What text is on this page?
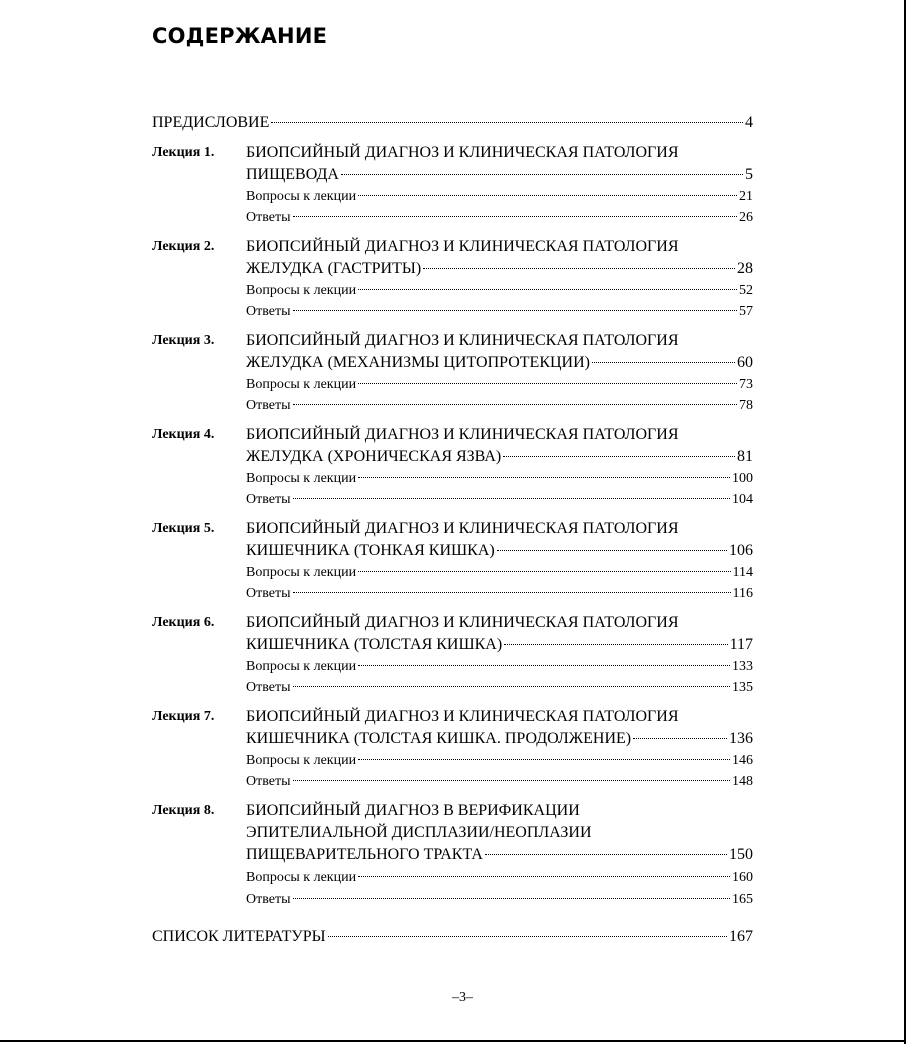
СОДЕРЖАНИЕ
ПРЕДИСЛОВИЕ	4
Лекция 1. БИОПСИЙНЫЙ ДИАГНОЗ И КЛИНИЧЕСКАЯ ПАТОЛОГИЯ
ПИЩЕВОДА	5
Вопросы к лекции	21
Ответы	26
Лекция 2. БИОПСИЙНЫЙ ДИАГНОЗ И КЛИНИЧЕСКАЯ ПАТОЛОГИЯ
ЖЕЛУДКА (ГАСТРИТЫ)	28
Вопросы к лекции	52
Ответы	57
Лекция 3. БИОПСИЙНЫЙ ДИАГНОЗ И КЛИНИЧЕСКАЯ ПАТОЛОГИЯ
ЖЕЛУДКА (МЕХАНИЗМЫ ЦИТОПРОТЕКЦИИ)	60
Вопросы к лекции	73
Ответы	78
Лекция 4. БИОПСИЙНЫЙ ДИАГНОЗ И КЛИНИЧЕСКАЯ ПАТОЛОГИЯ
ЖЕЛУДКА (ХРОНИЧЕСКАЯ ЯЗВА)	81
Вопросы к лекции	100
Ответы	104
Лекция 5. БИОПСИЙНЫЙ ДИАГНОЗ И КЛИНИЧЕСКАЯ ПАТОЛОГИЯ
КИШЕЧНИКА (ТОНКАЯ КИШКА)	106
Вопросы к лекции	114
Ответы	116
Лекция 6. БИОПСИЙНЫЙ ДИАГНОЗ И КЛИНИЧЕСКАЯ ПАТОЛОГИЯ
КИШЕЧНИКА (ТОЛСТАЯ КИШКА)	117
Вопросы к лекции	133
Ответы	135
Лекция 7. БИОПСИЙНЫЙ ДИАГНОЗ И КЛИНИЧЕСКАЯ ПАТОЛОГИЯ
КИШЕЧНИКА (ТОЛСТАЯ КИШКА. ПРОДОЛЖЕНИЕ)	136
Вопросы к лекции	146
Ответы	148
Лекция 8. БИОПСИЙНЫЙ ДИАГНОЗ В ВЕРИФИКАЦИИ
ЭПИТЕЛИАЛЬНОЙ ДИСПЛАЗИИ/НЕОПЛАЗИИ
ПИЩЕВАРИТЕЛЬНОГО ТРАКТА	150
Вопросы к лекции	160
Ответы	165
СПИСОК ЛИТЕРАТУРЫ	167
–3–
